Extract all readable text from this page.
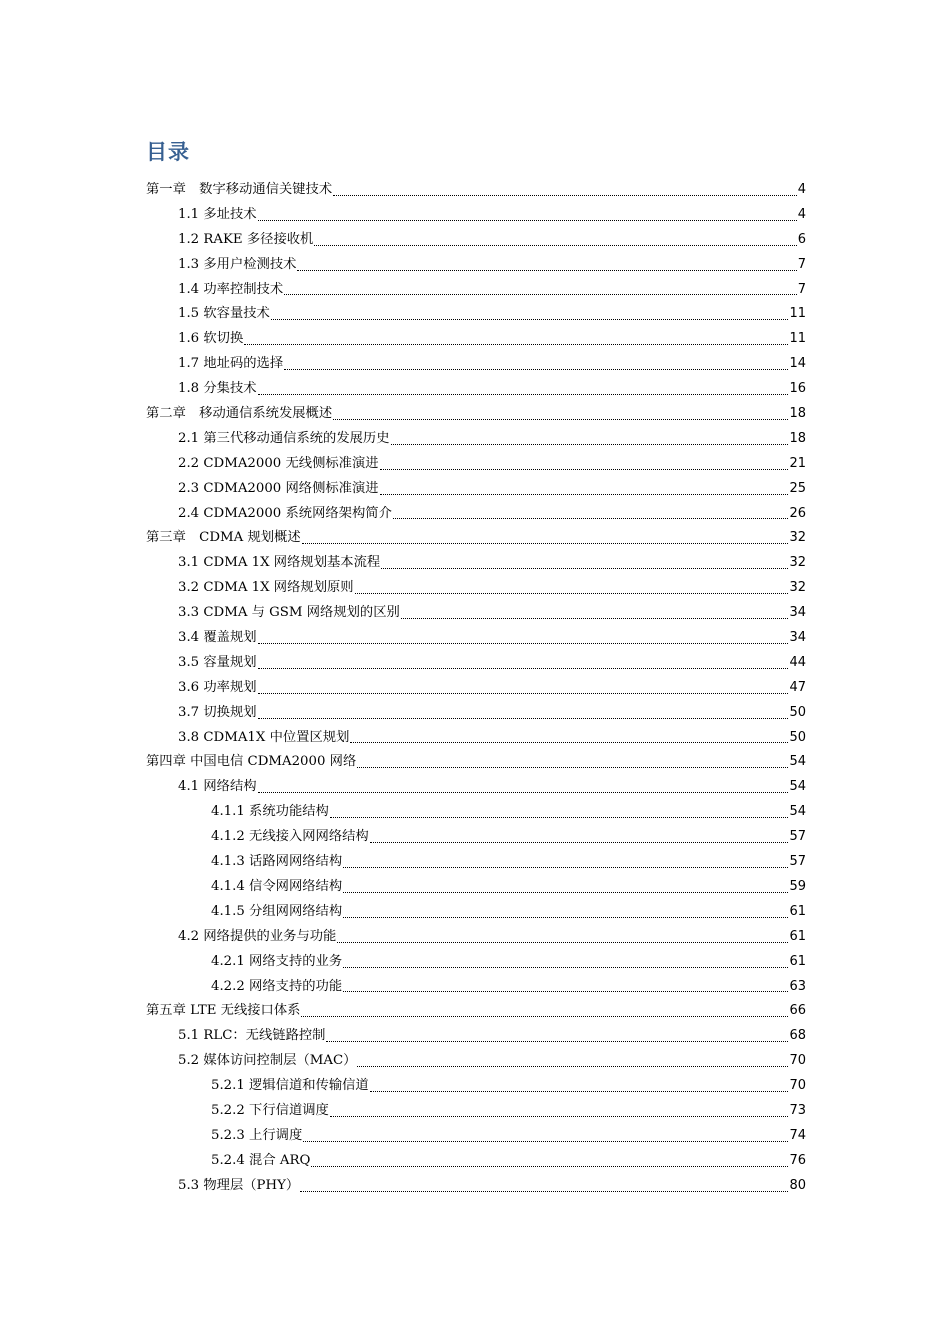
目录
第一章　数字移动通信关键技术	4
1.1 多址技术	4
1.2 RAKE 多径接收机	6
1.3 多用户检测技术	7
1.4 功率控制技术	7
1.5 软容量技术	11
1.6 软切换	11
1.7 地址码的选择	14
1.8 分集技术	16
第二章　移动通信系统发展概述	18
2.1 第三代移动通信系统的发展历史	18
2.2 CDMA2000 无线侧标准演进	21
2.3 CDMA2000 网络侧标准演进	25
2.4 CDMA2000 系统网络架构简介	26
第三章　CDMA 规划概述	32
3.1 CDMA 1X 网络规划基本流程	32
3.2 CDMA 1X 网络规划原则	32
3.3 CDMA 与 GSM 网络规划的区别	34
3.4 覆盖规划	34
3.5 容量规划	44
3.6 功率规划	47
3.7 切换规划	50
3.8 CDMA1X 中位置区规划	50
第四章 中国电信 CDMA2000 网络	54
4.1 网络结构	54
4.1.1 系统功能结构	54
4.1.2 无线接入网网络结构	57
4.1.3 话路网网络结构	57
4.1.4 信令网网络结构	59
4.1.5 分组网网络结构	61
4.2 网络提供的业务与功能	61
4.2.1 网络支持的业务	61
4.2.2 网络支持的功能	63
第五章 LTE 无线接口体系	66
5.1 RLC：无线链路控制	68
5.2 媒体访问控制层（MAC）	70
5.2.1 逻辑信道和传输信道	70
5.2.2 下行信道调度	73
5.2.3 上行调度	74
5.2.4 混合 ARQ	76
5.3 物理层（PHY）	80
